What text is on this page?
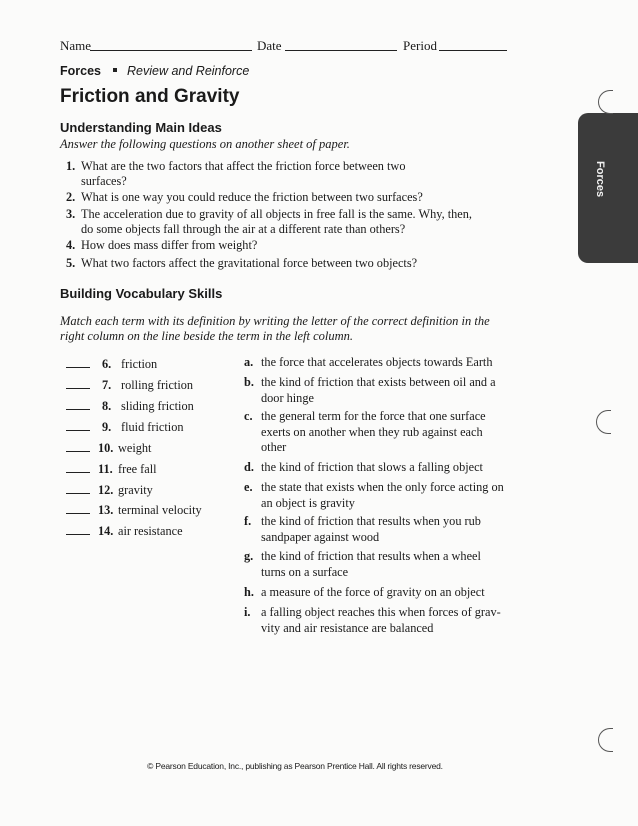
Name	Date	Period
Forces Review and Reinforce
Friction and Gravity
Understanding Main Ideas
Answer the following questions on another sheet of paper.
1. What are the two factors that affect the friction force between two surfaces?
2. What is one way you could reduce the friction between two surfaces?
3. The acceleration due to gravity of all objects in free fall is the same. Why, then, do some objects fall through the air at a different rate than others?
4. How does mass differ from weight?
5. What two factors affect the gravitational force between two objects?
Building Vocabulary Skills
Match each term with its definition by writing the letter of the correct definition in the right column on the line beside the term in the left column.
6. friction
7. rolling friction
8. sliding friction
9. fluid friction
10. weight
11. free fall
12. gravity
13. terminal velocity
14. air resistance
a. the force that accelerates objects towards Earth
b. the kind of friction that exists between oil and a door hinge
c. the general term for the force that one surface exerts on another when they rub against each other
d. the kind of friction that slows a falling object
e. the state that exists when the only force acting on an object is gravity
f. the kind of friction that results when you rub sandpaper against wood
g. the kind of friction that results when a wheel turns on a surface
h. a measure of the force of gravity on an object
i. a falling object reaches this when forces of grav-vity and air resistance are balanced
Forces
© Pearson Education, Inc., publishing as Pearson Prentice Hall. All rights reserved.
